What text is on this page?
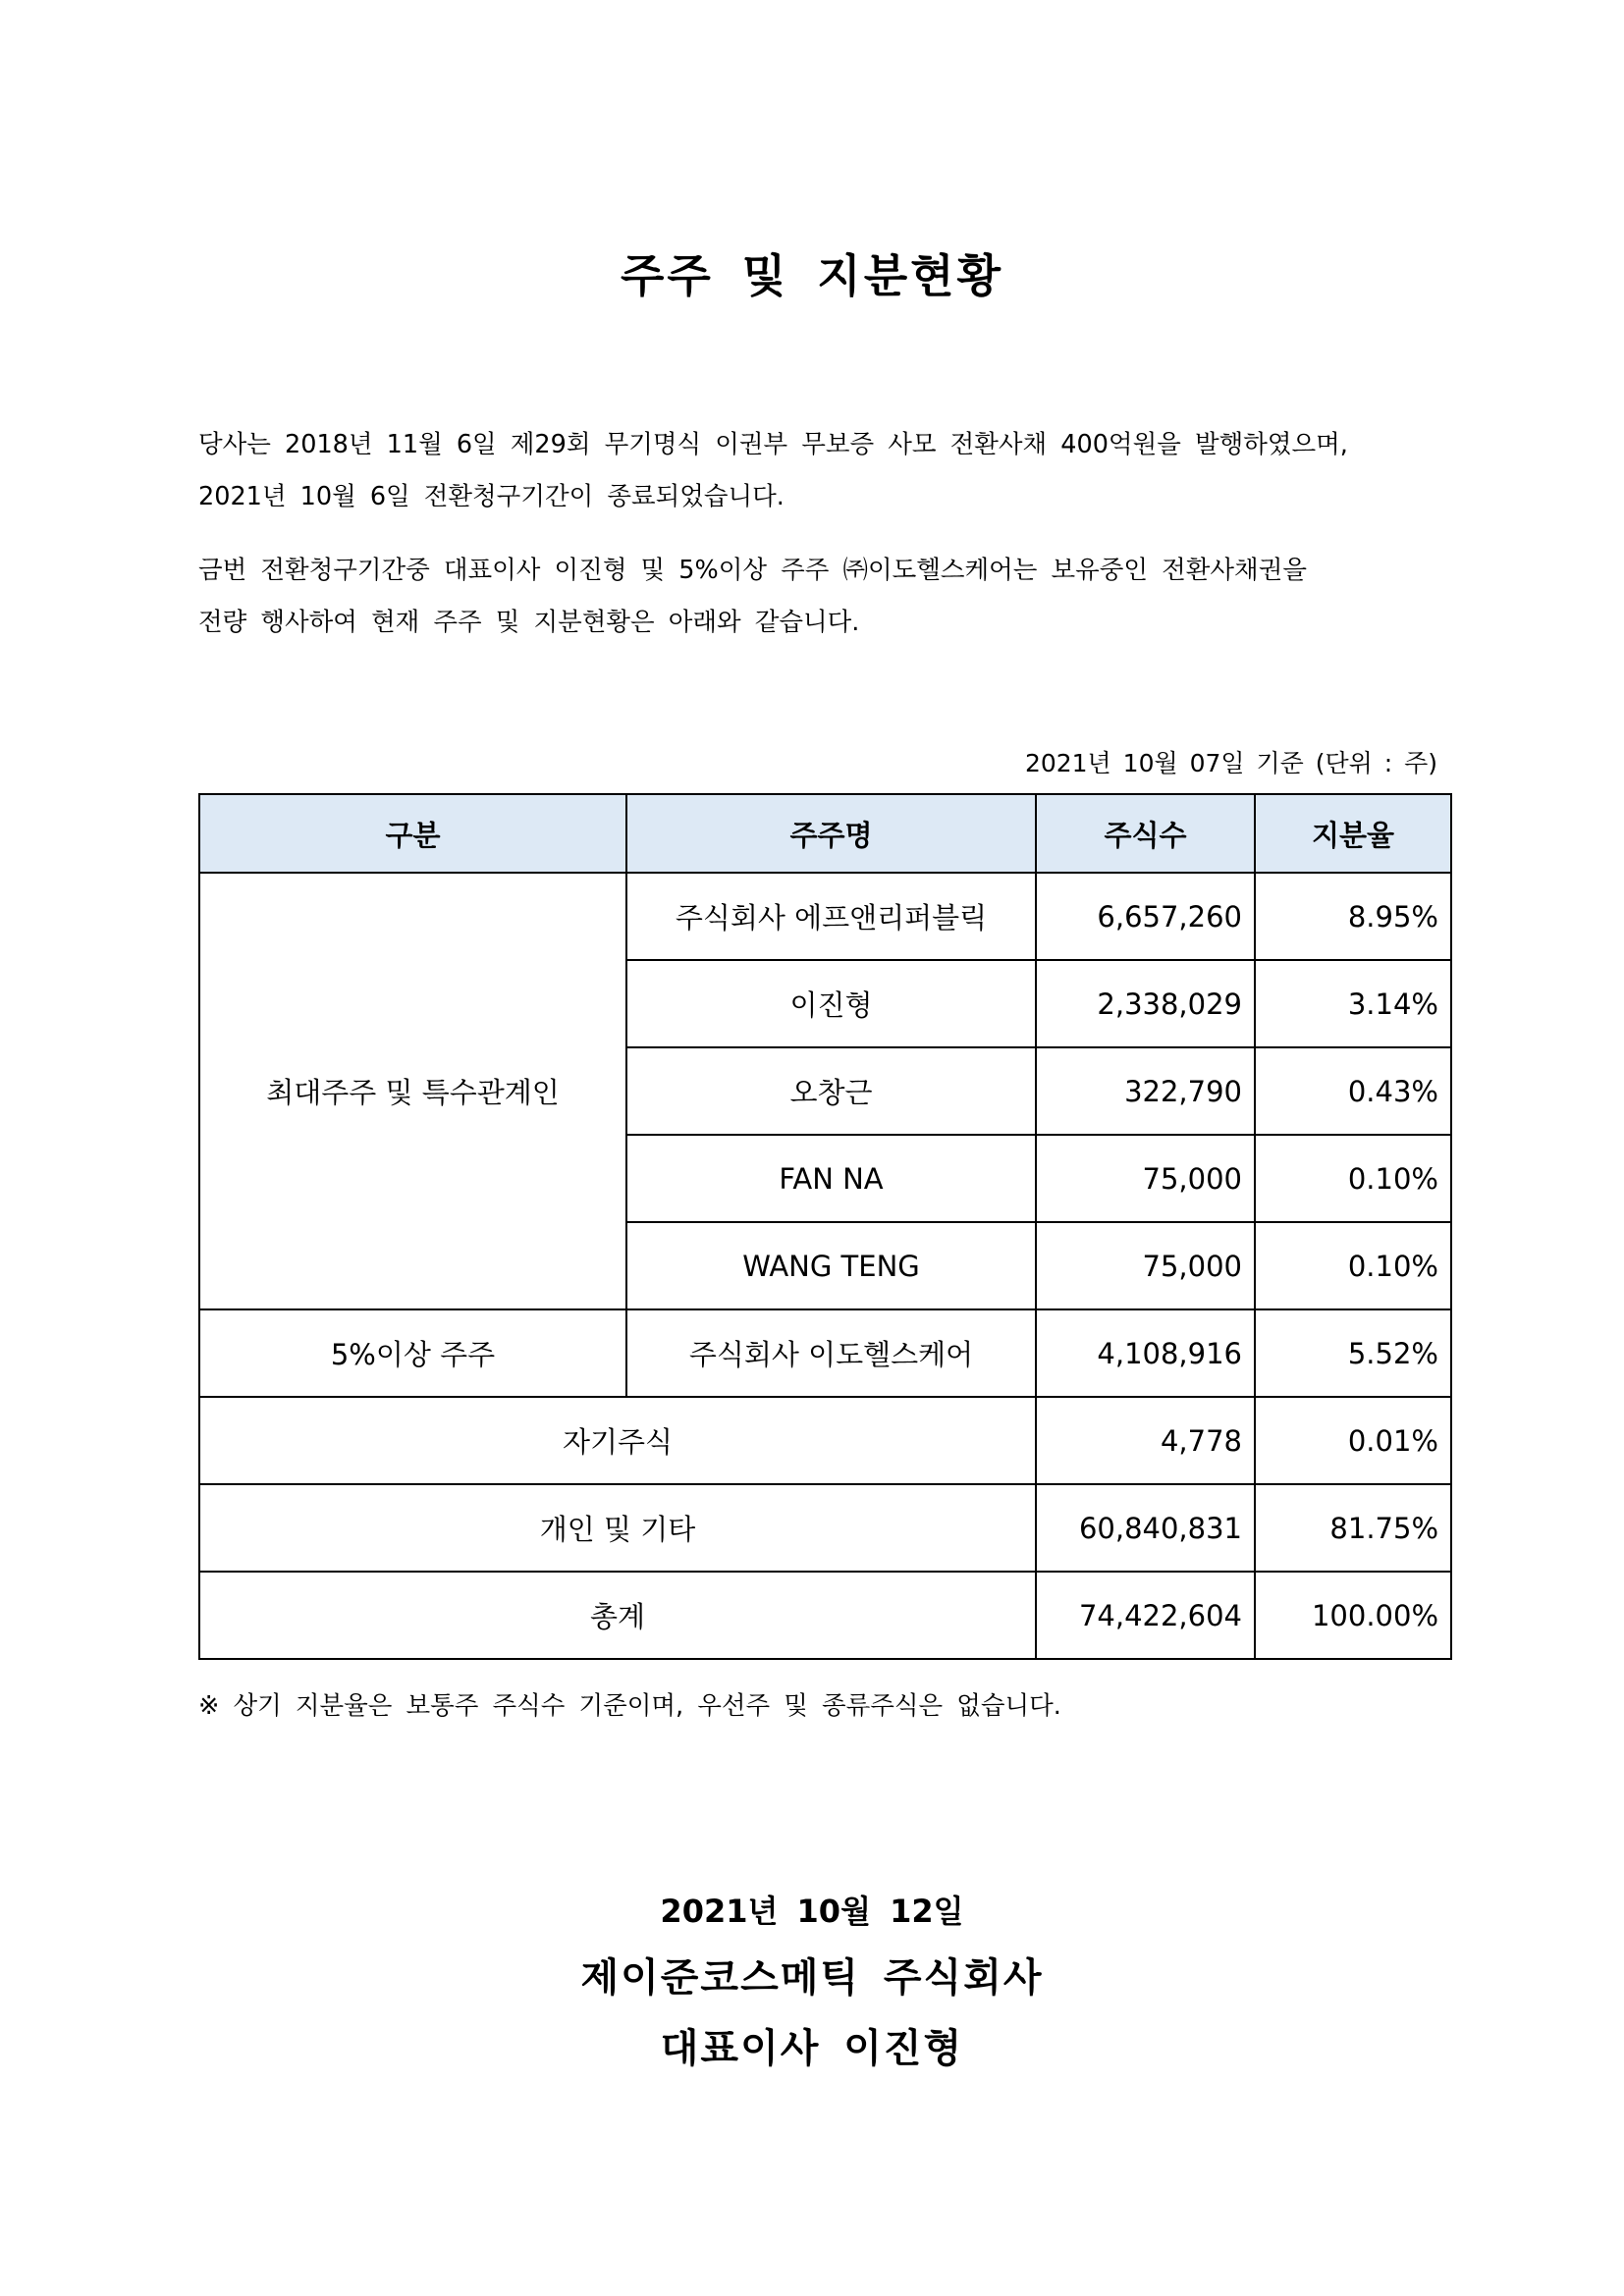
주주 및 지분현황

당사는 2018년 11월 6일 제29회 무기명식 이권부 무보증 사모 전환사채 400억원을 발행하였으며,
2021년 10월 6일 전환청구기간이 종료되었습니다.

금번 전환청구기간중 대표이사 이진형 및 5%이상 주주 ㈜이도헬스케어는 보유중인 전환사채권을
전량 행사하여 현재 주주 및 지분현황은 아래와 같습니다.

2021년 10월 07일 기준 (단위 : 주)
구분	주주명	주식수	지분율
최대주주 및 특수관계인	주식회사 에프앤리퍼블릭	6,657,260	8.95%
	이진형	2,338,029	3.14%
	오창근	322,790	0.43%
	FAN NA	75,000	0.10%
	WANG TENG	75,000	0.10%
5%이상 주주	주식회사 이도헬스케어	4,108,916	5.52%
자기주식		4,778	0.01%
개인 및 기타		60,840,831	81.75%
총계		74,422,604	100.00%
※ 상기 지분율은 보통주 주식수 기준이며, 우선주 및 종류주식은 없습니다.
2021년 10월 12일
제이준코스메틱 주식회사
대표이사 이진형
